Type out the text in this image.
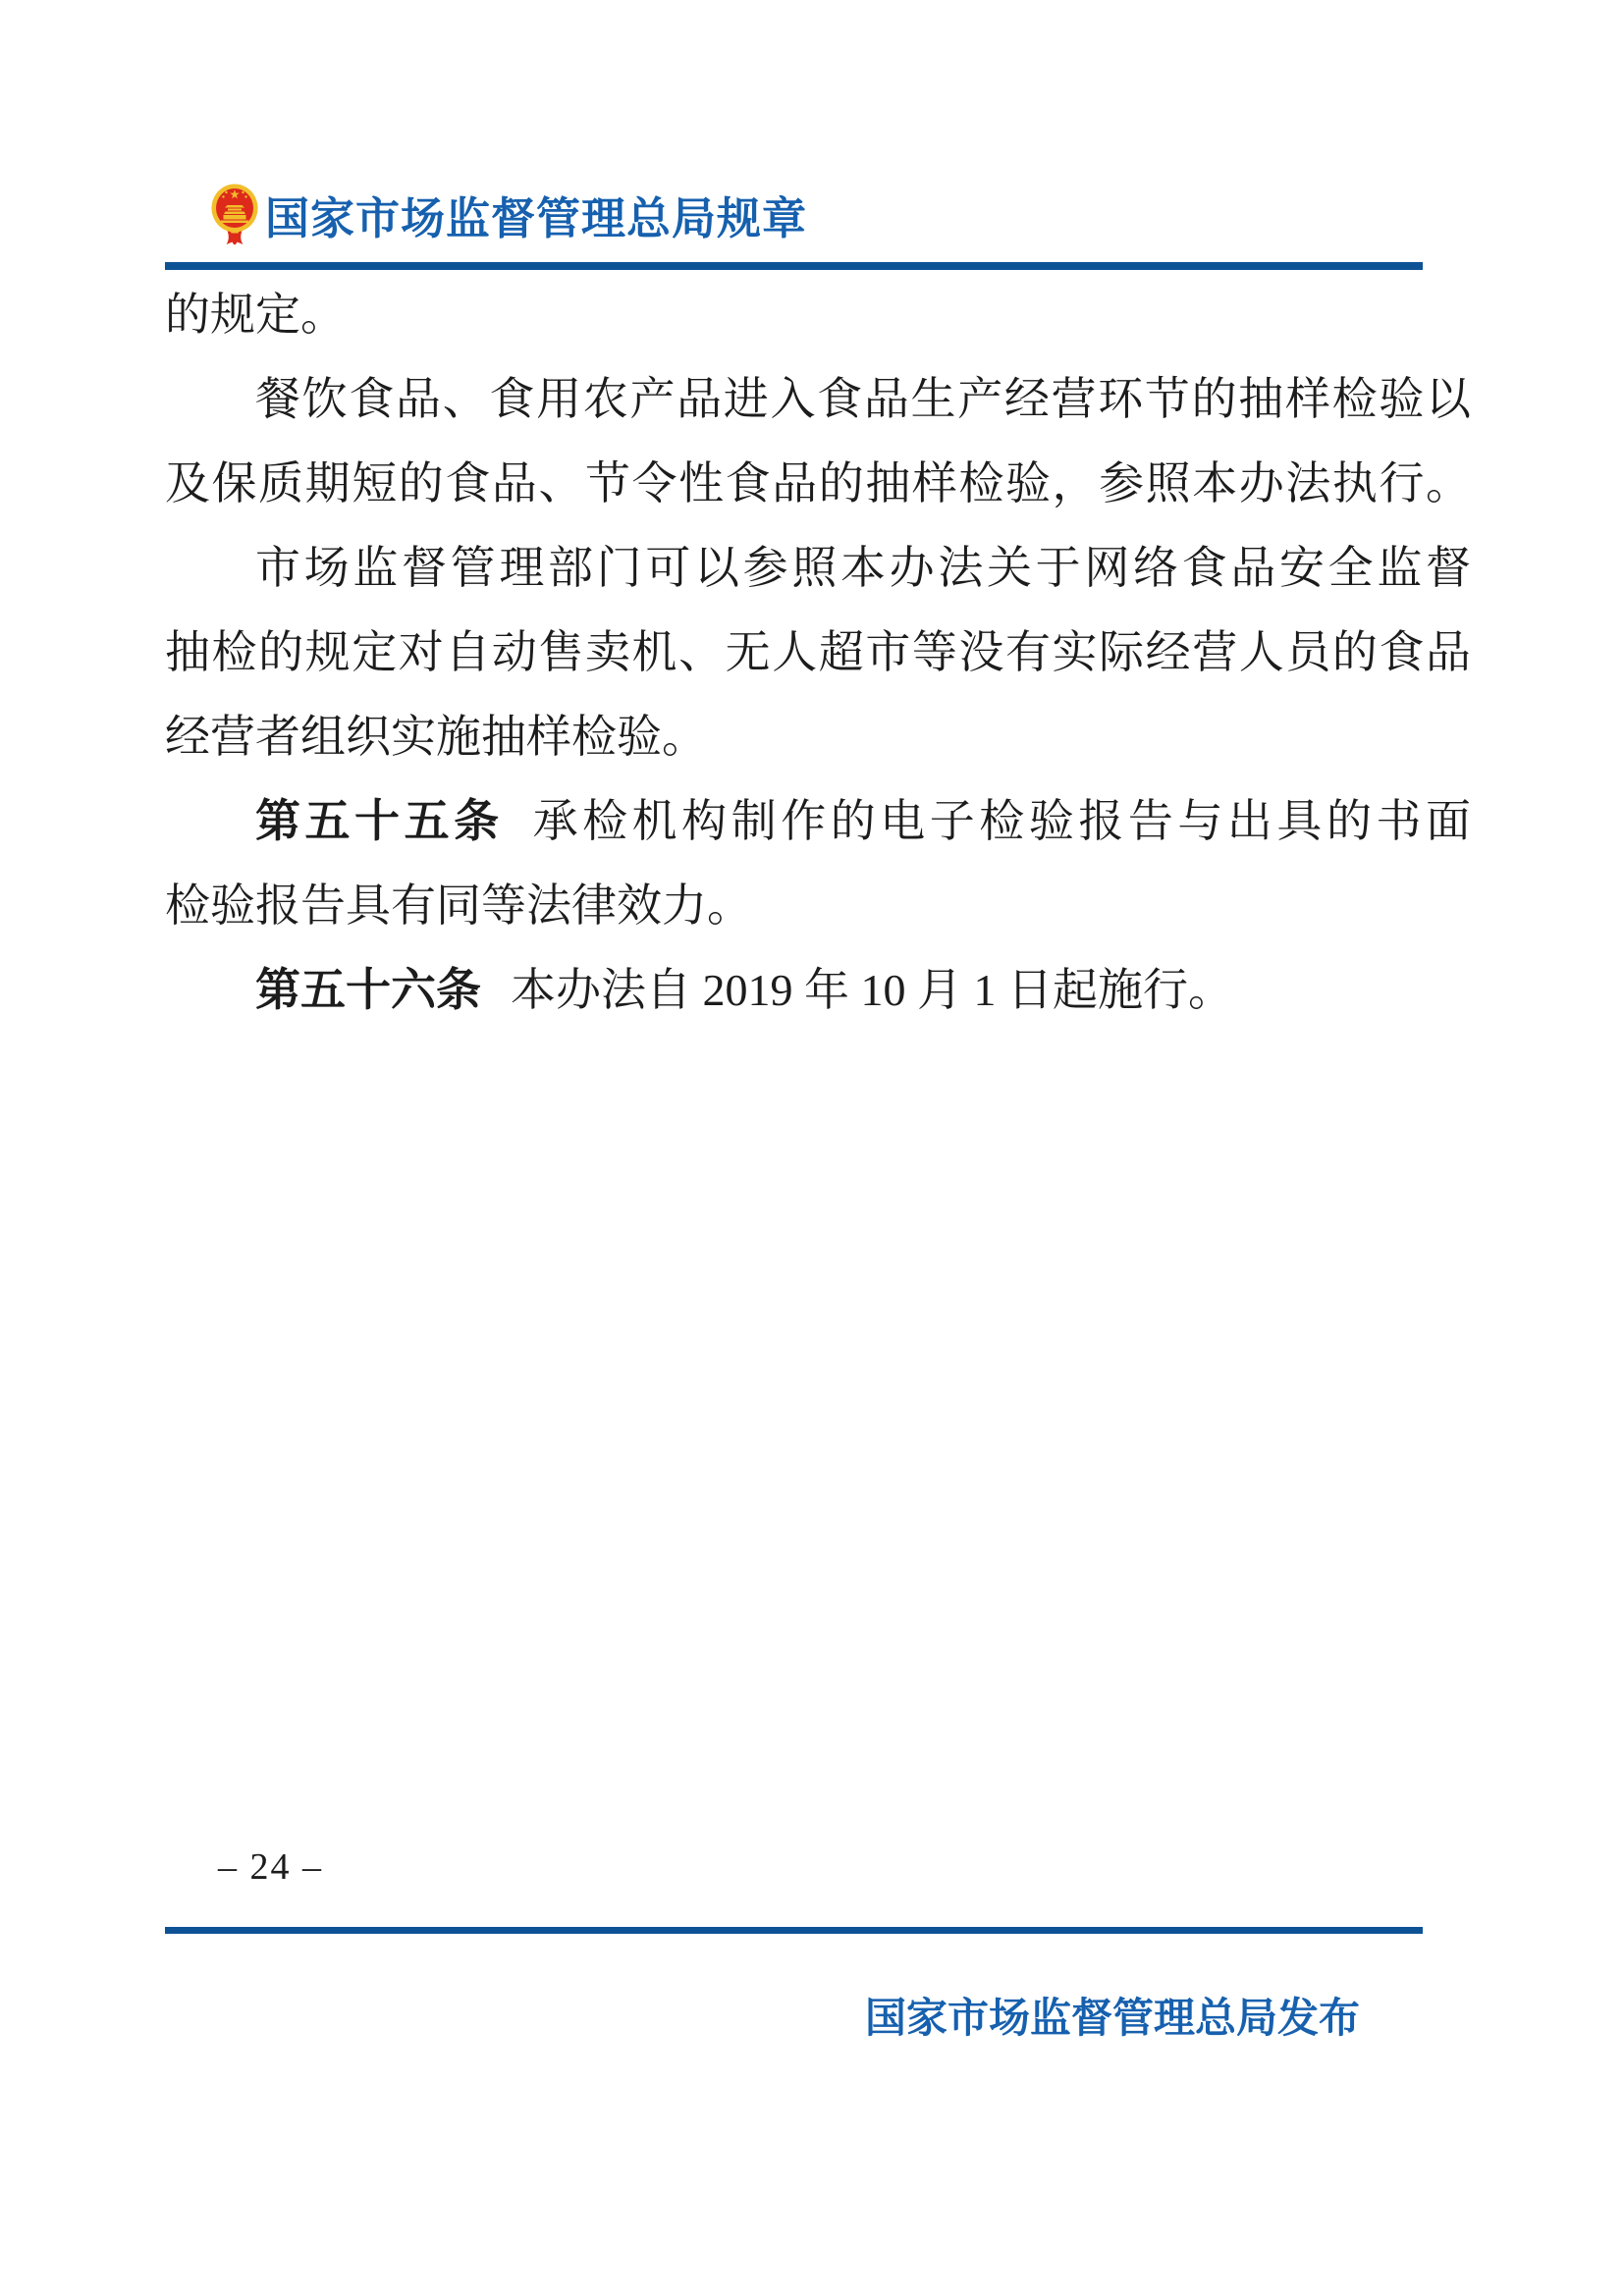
国家市场监督管理总局规章
的规定。
餐饮食品、食用农产品进入食品生产经营环节的抽样检验以
及保质期短的食品、节令性食品的抽样检验，参照本办法执行。
市场监督管理部门可以参照本办法关于网络食品安全监督
抽检的规定对自动售卖机、无人超市等没有实际经营人员的食品
经营者组织实施抽样检验。
第五十五条 承检机构制作的电子检验报告与出具的书面
检验报告具有同等法律效力。
第五十六条 本办法自 2019 年 10 月 1 日起施行。
– 24 –
国家市场监督管理总局发布
